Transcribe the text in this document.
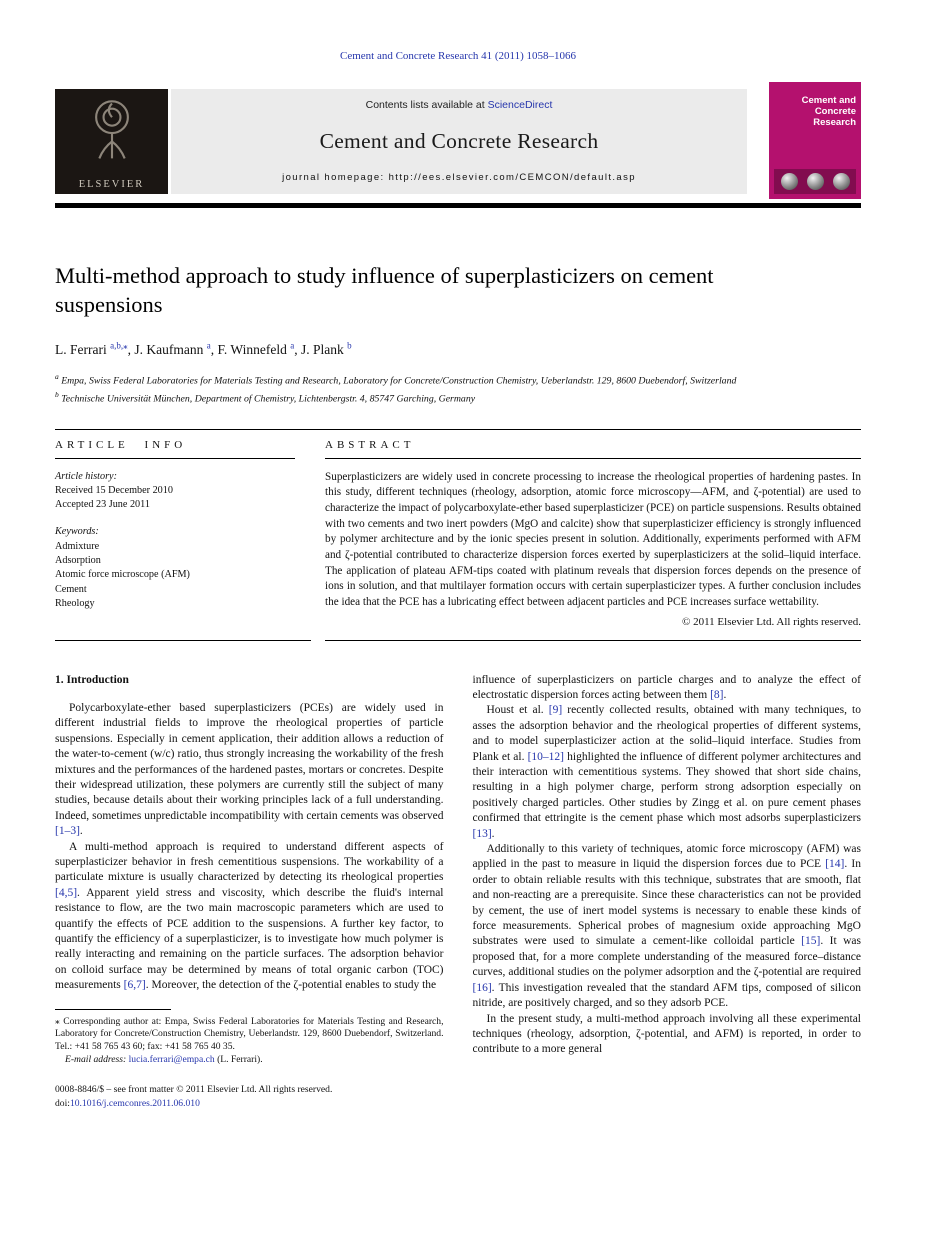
Cement and Concrete Research 41 (2011) 1058–1066
ELSEVIER
Contents lists available at ScienceDirect
Cement and Concrete Research
journal homepage: http://ees.elsevier.com/CEMCON/default.asp
Cement and Concrete Research
Multi-method approach to study influence of superplasticizers on cement suspensions
L. Ferrari $^{a,b,⁎}$, J. Kaufmann $^a$, F. Winnefeld $^a$, J. Plank $^b$
$^a$ Empa, Swiss Federal Laboratories for Materials Testing and Research, Laboratory for Concrete/Construction Chemistry, Ueberlandstr. 129, 8600 Duebendorf, Switzerland
$^b$ Technische Universität München, Department of Chemistry, Lichtenbergstr. 4, 85747 Garching, Germany
ARTICLE INFO
Article history:
Received 15 December 2010
Accepted 23 June 2011
Keywords:
Admixture
Adsorption
Atomic force microscope (AFM)
Cement
Rheology
ABSTRACT

Superplasticizers are widely used in concrete processing to increase the rheological properties of hardening pastes. In this study, different techniques (rheology, adsorption, atomic force microscopy—AFM, and ζ-potential) are used to characterize the impact of polycarboxylate-ether based superplasticizer (PCE) on particle suspensions. Results obtained with two cements and two inert powders (MgO and calcite) show that superplasticizer efficiency is strongly influenced by polymer architecture and by the ionic species present in solution. Additionally, experiments performed with AFM and ζ-potential contributed to characterize dispersion forces exerted by superplasticizers at the solid–liquid interface. The application of plateau AFM-tips coated with platinum reveals that dispersion forces depends on the presence of ions in solution, and that multilayer formation occurs with certain superplasticizer types. A further conclusion includes the idea that the PCE has a lubricating effect between adjacent particles and PCE increases surface wettability.

© 2011 Elsevier Ltd. All rights reserved.
1. Introduction

Polycarboxylate-ether based superplasticizers (PCEs) are widely used in different industrial fields to improve the rheological properties of particle suspensions. Especially in cement application, their addition allows a reduction of the water-to-cement (w/c) ratio, thus strongly increasing the workability of the fresh mixtures and the performances of the hardened pastes, mortars or concretes. Despite their widespread utilization, these polymers are currently still the subject of many studies, because details about their working principles lack of a full understanding. Indeed, sometimes unpredictable incompatibility with certain cements was observed [1–3].

A multi-method approach is required to understand different aspects of superplasticizer behavior in fresh cementitious suspensions. The workability of a particulate mixture is usually characterized by detecting its rheological properties [4,5]. Apparent yield stress and viscosity, which describe the fluid's internal resistance to flow, are the two main macroscopic parameters which are used to quantify the effects of PCE addition to the suspensions. A further key factor, to quantify the efficiency of a superplasticizer, is to investigate how much polymer is really interacting and remaining on the particle surfaces. The adsorption behavior on colloid surface may be determined by means of total organic carbon (TOC) measurements [6,7]. Moreover, the detection of the ζ-potential enables to study the

⁎ Corresponding author at: Empa, Swiss Federal Laboratories for Materials Testing and Research, Laboratory for Concrete/Construction Chemistry, Ueberlandstr. 129, 8600 Duebendorf, Switzerland. Tel.: +41 58 765 43 60; fax: +41 58 765 40 35.

E-mail address: lucia.ferrari@empa.ch (L. Ferrari).

0008-8846/$ – see front matter © 2011 Elsevier Ltd. All rights reserved.
doi:10.1016/j.cemconres.2011.06.010

influence of superplasticizers on particle charges and to analyze the effect of electrostatic dispersion forces acting between them [8].

Houst et al. [9] recently collected results, obtained with many techniques, to asses the adsorption behavior and the rheological properties of different systems, and to model superplasticizer action at the solid–liquid interface. Studies from Plank et al. [10–12] highlighted the influence of different polymer architectures and their interaction with cementitious systems. They showed that short side chains, resulting in a high polymer charge, perform strong adsorption especially on positively charged particles. Other studies by Zingg et al. on pure cement phases confirmed that ettringite is the cement phase which most adsorbs superplasticizers [13].

Additionally to this variety of techniques, atomic force microscopy (AFM) was applied in the past to measure in liquid the dispersion forces due to PCE [14]. In order to obtain reliable results with this technique, substrates that are smooth, flat and non-reacting are a prerequisite. Since these characteristics can not be provided by cement, the use of inert model systems is necessary to enable these kinds of force measurements. Spherical probes of magnesium oxide approaching MgO substrates were used to simulate a cement-like colloidal particle [15]. It was proposed that, for a more complete understanding of the measured force–distance curves, additional studies on the polymer adsorption and the ζ-potential are required [16]. This investigation revealed that the standard AFM tips, composed of silicon nitride, are positively charged, and so they adsorb PCE.

In the present study, a multi-method approach involving all these experimental techniques (rheology, adsorption, ζ-potential, and AFM) is reported, in order to contribute to a more general
